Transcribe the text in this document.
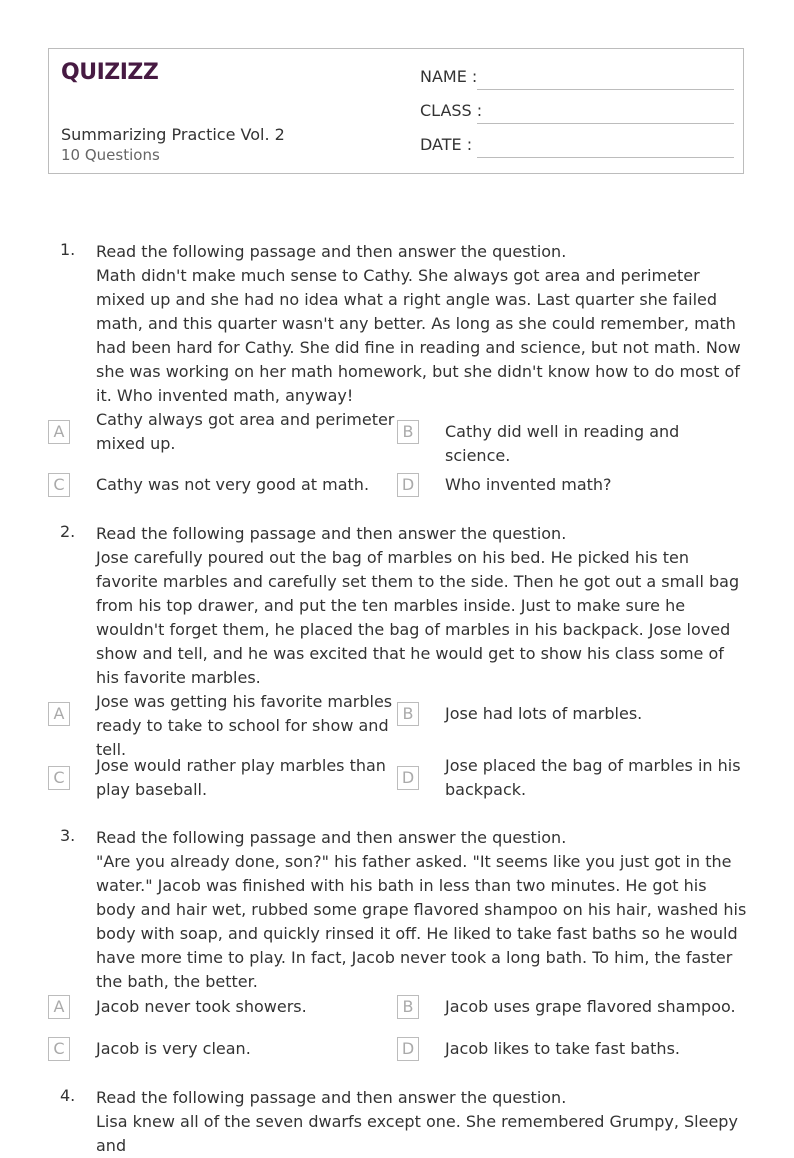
QUIZIZZ
Summarizing Practice Vol. 2
10 Questions
NAME :
CLASS :
DATE :
1. Read the following passage and then answer the question.

Math didn't make much sense to Cathy. She always got area and perimeter mixed up and she had no idea what a right angle was. Last quarter she failed math, and this quarter wasn't any better. As long as she could remember, math had been hard for Cathy. She did fine in reading and science, but not math. Now she was working on her math homework, but she didn't know how to do most of it. Who invented math, anyway!

A
Cathy always got area and perimeter mixed up.
B	Cathy did well in reading and science.
C	Cathy was not very good at math.	D	Who invented math?
2. Read the following passage and then answer the question.

Jose carefully poured out the bag of marbles on his bed. He picked his ten favorite marbles and carefully set them to the side. Then he got out a small bag from his top drawer, and put the ten marbles inside. Just to make sure he wouldn't forget them, he placed the bag of marbles in his backpack. Jose loved show and tell, and he was excited that he would get to show his class some of his favorite marbles.

A
Jose was getting his favorite marbles ready to take to school for show and tell.
B	Jose had lots of marbles.
C
Jose would rather play marbles than play baseball.
D
Jose placed the bag of marbles in his backpack.
3. Read the following passage and then answer the question.

"Are you already done, son?" his father asked. "It seems like you just got in the water." Jacob was finished with his bath in less than two minutes. He got his body and hair wet, rubbed some grape flavored shampoo on his hair, washed his body with soap, and quickly rinsed it off. He liked to take fast baths so he would have more time to play. In fact, Jacob never took a long bath. To him, the faster the bath, the better.

A	Jacob never took showers.	B	Jacob uses grape flavored shampoo.
C	Jacob is very clean.	D	Jacob likes to take fast baths.
4. Read the following passage and then answer the question.

Lisa knew all of the seven dwarfs except one. She remembered Grumpy, Sleepy and
